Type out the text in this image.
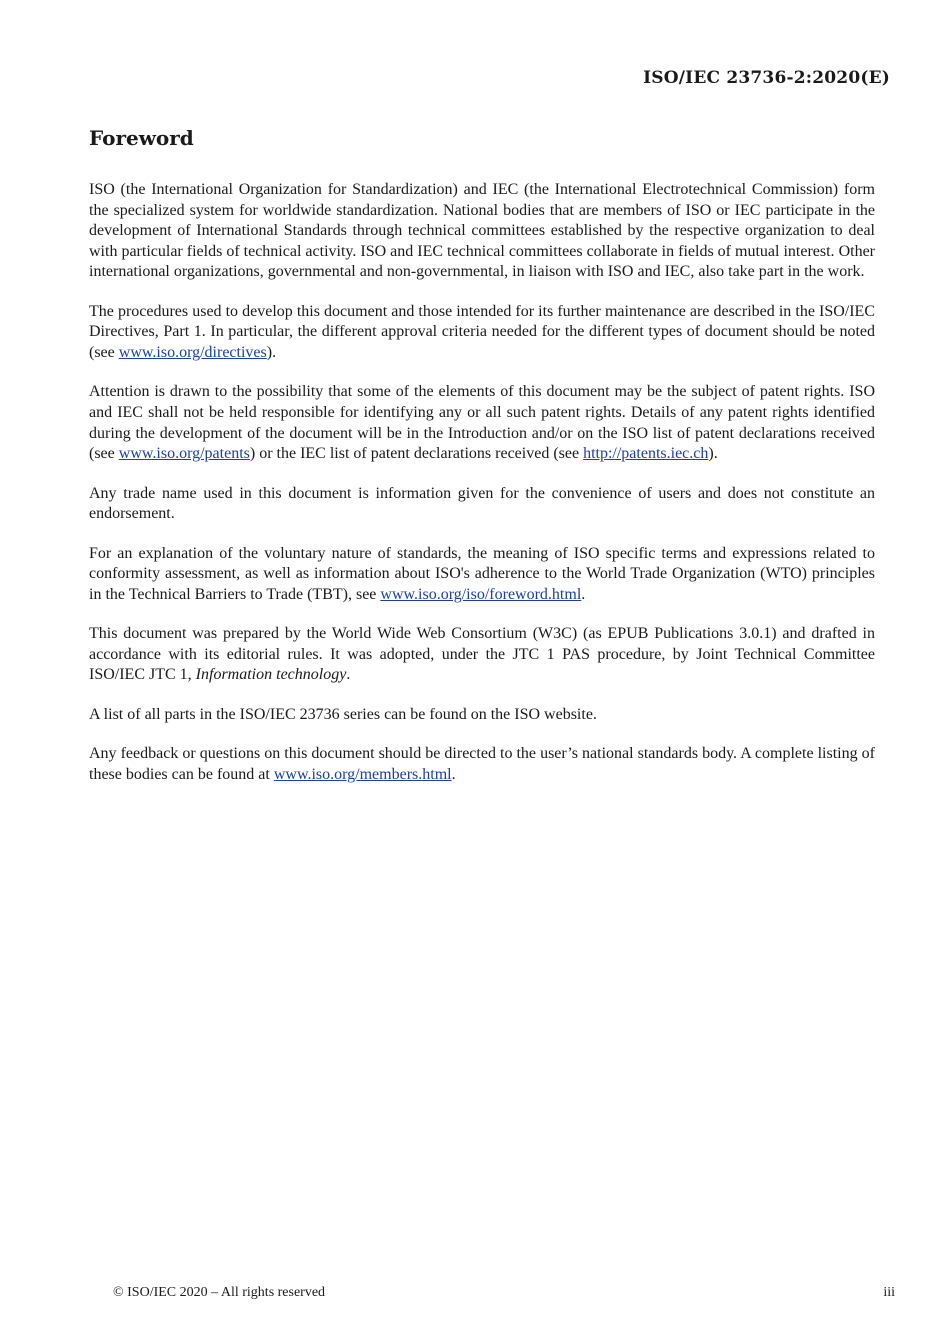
ISO/IEC 23736-2:2020(E)
Foreword

ISO (the International Organization for Standardization) and IEC (the International Electrotechnical Commission) form the specialized system for worldwide standardization. National bodies that are members of ISO or IEC participate in the development of International Standards through technical committees established by the respective organization to deal with particular fields of technical activity. ISO and IEC technical committees collaborate in fields of mutual interest. Other international organizations, governmental and non-governmental, in liaison with ISO and IEC, also take part in the work.

The procedures used to develop this document and those intended for its further maintenance are described in the ISO/IEC Directives, Part 1. In particular, the different approval criteria needed for the different types of document should be noted (see www.iso.org/directives).

Attention is drawn to the possibility that some of the elements of this document may be the subject of patent rights. ISO and IEC shall not be held responsible for identifying any or all such patent rights. Details of any patent rights identified during the development of the document will be in the Introduction and/or on the ISO list of patent declarations received (see www.iso.org/patents) or the IEC list of patent declarations received (see http://patents.iec.ch).

Any trade name used in this document is information given for the convenience of users and does not constitute an endorsement.

For an explanation of the voluntary nature of standards, the meaning of ISO specific terms and expressions related to conformity assessment, as well as information about ISO's adherence to the World Trade Organization (WTO) principles in the Technical Barriers to Trade (TBT), see www.iso.org/iso/foreword.html.

This document was prepared by the World Wide Web Consortium (W3C) (as EPUB Publications 3.0.1) and drafted in accordance with its editorial rules. It was adopted, under the JTC 1 PAS procedure, by Joint Technical Committee ISO/IEC JTC 1, Information technology.

A list of all parts in the ISO/IEC 23736 series can be found on the ISO website.

Any feedback or questions on this document should be directed to the user’s national standards body. A complete listing of these bodies can be found at www.iso.org/members.html.

© ISO/IEC 2020 – All rights reserved	iii
